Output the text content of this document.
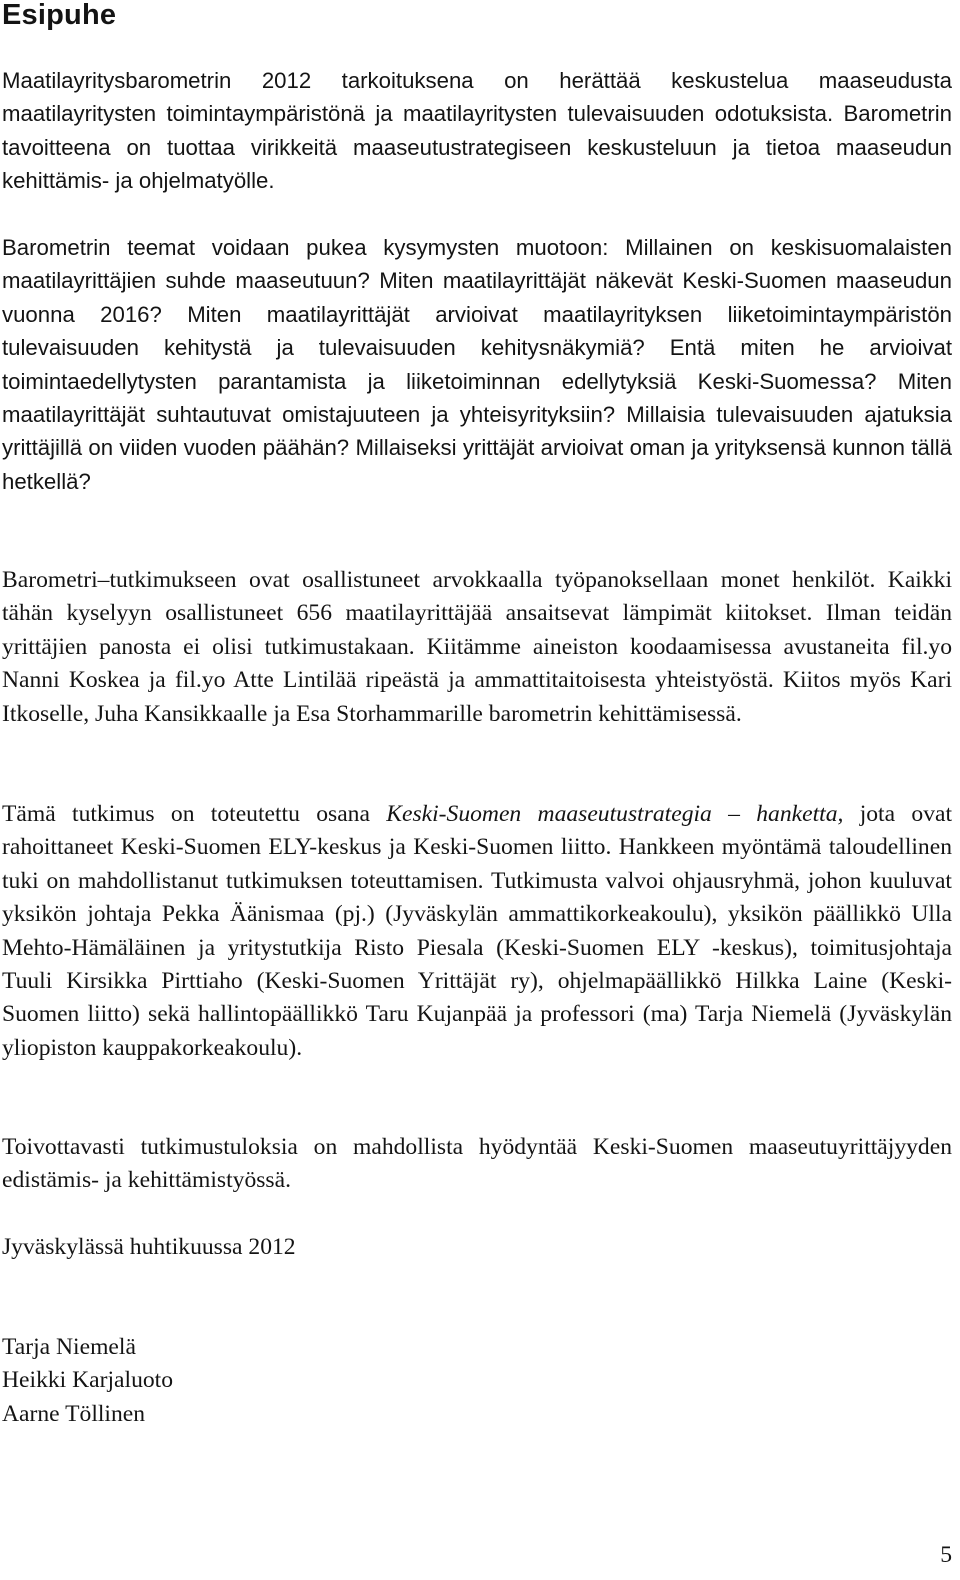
Esipuhe

Maatilayritysbarometrin 2012 tarkoituksena on herättää keskustelua maaseudusta maatilayritysten toimintaympäristönä ja maatilayritysten tulevaisuuden odotuksista. Barometrin tavoitteena on tuottaa virikkeitä maaseutustrategiseen keskusteluun ja tietoa maaseudun kehittämis- ja ohjelmatyölle.

Barometrin teemat voidaan pukea kysymysten muotoon: Millainen on keskisuomalaisten maatilayrittäjien suhde maaseutuun? Miten maatilayrittäjät näkevät Keski-Suomen maaseudun vuonna 2016? Miten maatilayrittäjät arvioivat maatilayrityksen liiketoimintaympäristön tulevaisuuden kehitystä ja tulevaisuuden kehitysnäkymiä? Entä miten he arvioivat toimintaedellytysten parantamista ja liiketoiminnan edellytyksiä Keski-Suomessa? Miten maatilayrittäjät suhtautuvat omistajuuteen ja yhteisyrityksiin? Millaisia tulevaisuuden ajatuksia yrittäjillä on viiden vuoden päähän? Millaiseksi yrittäjät arvioivat oman ja yrityksensä kunnon tällä hetkellä?

Barometri–tutkimukseen ovat osallistuneet arvokkaalla työpanoksellaan monet henkilöt. Kaikki tähän kyselyyn osallistuneet 656 maatilayrittäjää ansaitsevat lämpimät kiitokset. Ilman teidän yrittäjien panosta ei olisi tutkimustakaan. Kiitämme aineiston koodaamisessa avustaneita fil.yo Nanni Koskea ja fil.yo Atte Lintilää ripeästä ja ammattitaitoisesta yhteistyöstä. Kiitos myös Kari Itkoselle, Juha Kansikkaalle ja Esa Storhammarille barometrin kehittämisessä.

Tämä tutkimus on toteutettu osana Keski-Suomen maaseutustrategia – hanketta, jota ovat rahoittaneet Keski-Suomen ELY-keskus ja Keski-Suomen liitto. Hankkeen myöntämä taloudellinen tuki on mahdollistanut tutkimuksen toteuttamisen. Tutkimusta valvoi ohjausryhmä, johon kuuluvat yksikön johtaja Pekka Äänismaa (pj.) (Jyväskylän ammattikorkeakoulu), yksikön päällikkö Ulla Mehto-Hämäläinen ja yritystutkija Risto Piesala (Keski-Suomen ELY -keskus), toimitusjohtaja Tuuli Kirsikka Pirttiaho (Keski-Suomen Yrittäjät ry), ohjelmapäällikkö Hilkka Laine (Keski-Suomen liitto) sekä hallintopäällikkö Taru Kujanpää ja professori (ma) Tarja Niemelä (Jyväskylän yliopiston kauppakorkeakoulu).

Toivottavasti tutkimustuloksia on mahdollista hyödyntää Keski-Suomen maaseutuyrittäjyyden edistämis- ja kehittämistyössä.

Jyväskylässä huhtikuussa 2012

Tarja Niemelä
Heikki Karjaluoto
Aarne Töllinen
5
